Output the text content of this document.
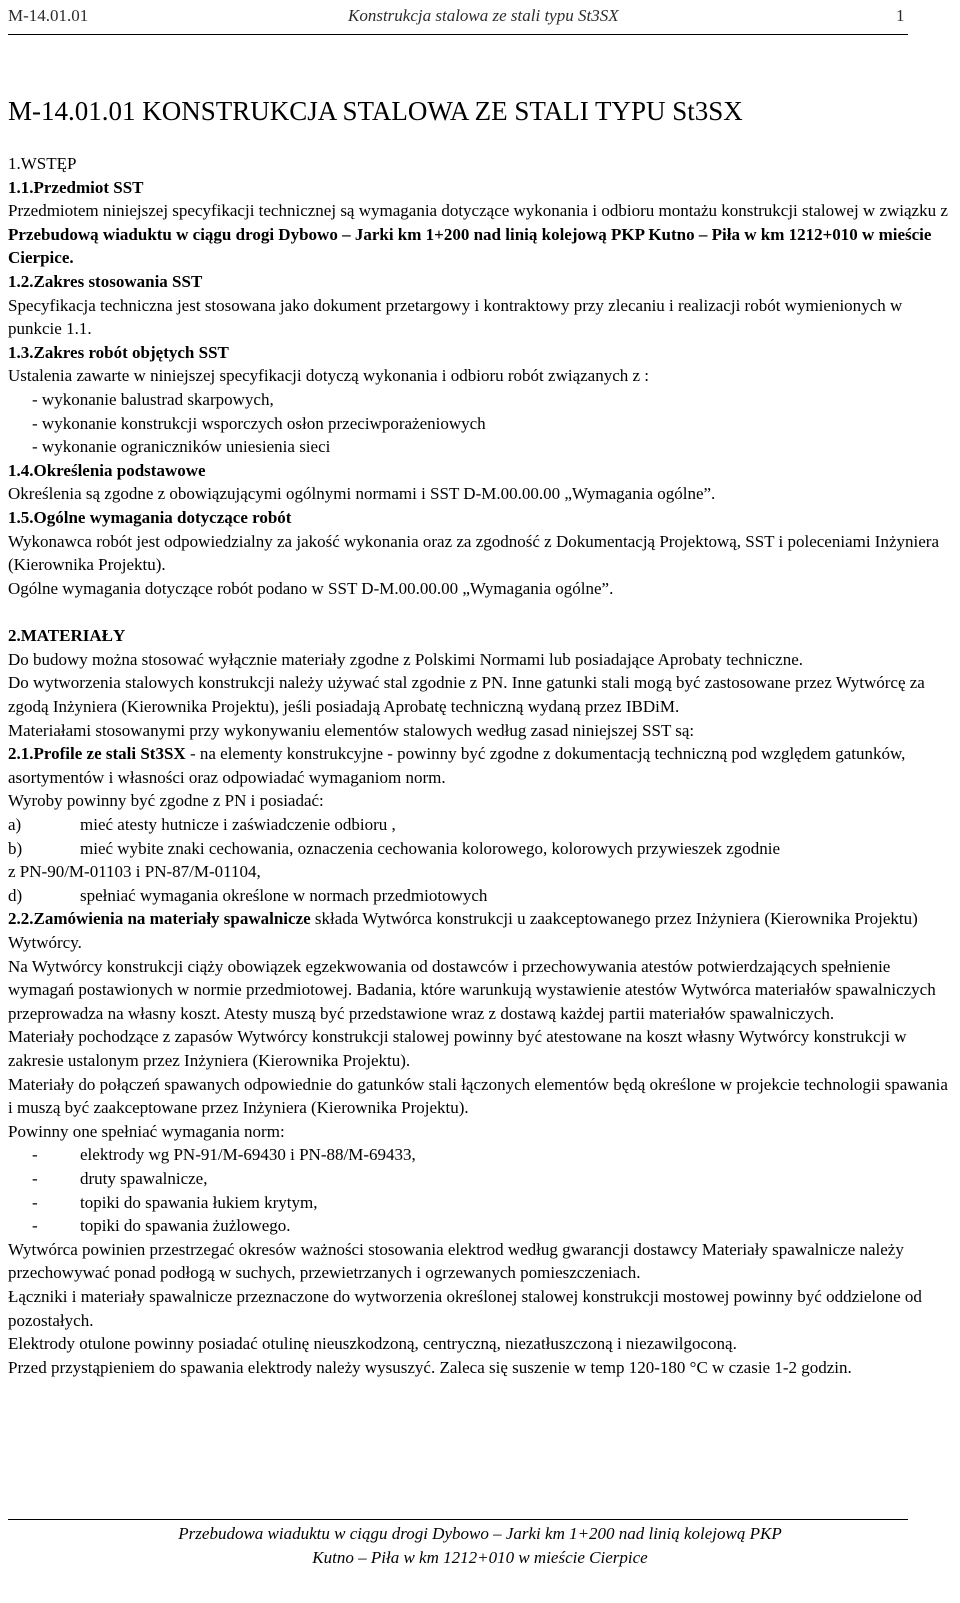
M-14.01.01	Konstrukcja stalowa ze stali typu St3SX	1
M-14.01.01 KONSTRUKCJA STALOWA ZE STALI TYPU St3SX

1.WSTĘP

1.1.Przedmiot SST

Przedmiotem niniejszej specyfikacji technicznej są wymagania dotyczące wykonania i odbioru montażu konstrukcji stalowej w związku z Przebudową wiaduktu w ciągu drogi Dybowo – Jarki km 1+200 nad linią kolejową PKP Kutno – Piła w km 1212+010 w mieście Cierpice.

1.2.Zakres stosowania SST

Specyfikacja techniczna jest stosowana jako dokument przetargowy i kontraktowy przy zlecaniu i realizacji robót wymienionych w punkcie 1.1.

1.3.Zakres robót objętych SST

Ustalenia zawarte w niniejszej specyfikacji dotyczą wykonania i odbioru robót związanych z :

- wykonanie balustrad skarpowych,

- wykonanie konstrukcji wsporczych osłon przeciwporażeniowych

- wykonanie ograniczników uniesienia sieci

1.4.Określenia podstawowe

Określenia są zgodne z obowiązującymi ogólnymi normami i SST D-M.00.00.00 „Wymagania ogólne”.

1.5.Ogólne wymagania dotyczące robót

Wykonawca robót jest odpowiedzialny za jakość wykonania oraz za zgodność z Dokumentacją Projektową, SST i poleceniami Inżyniera (Kierownika Projektu).

Ogólne wymagania dotyczące robót podano w SST D-M.00.00.00 „Wymagania ogólne”.

2.MATERIAŁY

Do budowy można stosować wyłącznie materiały zgodne z Polskimi Normami lub posiadające Aprobaty techniczne.

Do wytworzenia stalowych konstrukcji należy używać stal zgodnie z PN. Inne gatunki stali mogą być zastosowane przez Wytwórcę za zgodą Inżyniera (Kierownika Projektu), jeśli posiadają Aprobatę techniczną wydaną przez IBDiM.

Materiałami stosowanymi przy wykonywaniu elementów stalowych według zasad niniejszej SST są:

2.1.Profile ze stali St3SX - na elementy konstrukcyjne - powinny być zgodne z dokumentacją techniczną pod względem gatunków, asortymentów i własności oraz odpowiadać wymaganiom norm.

Wyroby powinny być zgodne z PN i posiadać:

a)	mieć atesty hutnicze i zaświadczenie odbioru ,
b)	mieć wybite znaki cechowania, oznaczenia cechowania kolorowego, kolorowych przywieszek zgodnie

z PN-90/M-01103 i PN-87/M-01104,

d)	spełniać wymagania określone w normach przedmiotowych

2.2.Zamówienia na materiały spawalnicze składa Wytwórca konstrukcji u zaakceptowanego przez Inżyniera (Kierownika Projektu) Wytwórcy.

Na Wytwórcy konstrukcji ciąży obowiązek egzekwowania od dostawców i przechowywania atestów potwierdzających spełnienie wymagań postawionych w normie przedmiotowej. Badania, które warunkują wystawienie atestów Wytwórca materiałów spawalniczych przeprowadza na własny koszt. Atesty muszą być przedstawione wraz z dostawą każdej partii materiałów spawalniczych.

Materiały pochodzące z zapasów Wytwórcy konstrukcji stalowej powinny być atestowane na koszt własny Wytwórcy konstrukcji w zakresie ustalonym przez Inżyniera (Kierownika Projektu).

Materiały do połączeń spawanych odpowiednie do gatunków stali łączonych elementów będą określone w projekcie technologii spawania i muszą być zaakceptowane przez Inżyniera (Kierownika Projektu).

Powinny one spełniać wymagania norm:

-	elektrody wg PN-91/M-69430 i PN-88/M-69433,
-	druty spawalnicze,
-	topiki do spawania łukiem krytym,
-	topiki do spawania żużlowego.

Wytwórca powinien przestrzegać okresów ważności stosowania elektrod według gwarancji dostawcy Materiały spawalnicze należy przechowywać ponad podłogą w suchych, przewietrzanych i ogrzewanych pomieszczeniach.

Łączniki i materiały spawalnicze przeznaczone do wytworzenia określonej stalowej konstrukcji mostowej powinny być oddzielone od pozostałych.

Elektrody otulone powinny posiadać otulinę nieuszkodzoną, centryczną, niezatłuszczoną i niezawilgoconą.

Przed przystąpieniem do spawania elektrody należy wysuszyć. Zaleca się suszenie w temp 120-180 °C w czasie 1-2 godzin.

Przebudowa wiaduktu w ciągu drogi Dybowo – Jarki km 1+200 nad linią kolejową PKP
Kutno – Piła w km 1212+010 w mieście Cierpice
